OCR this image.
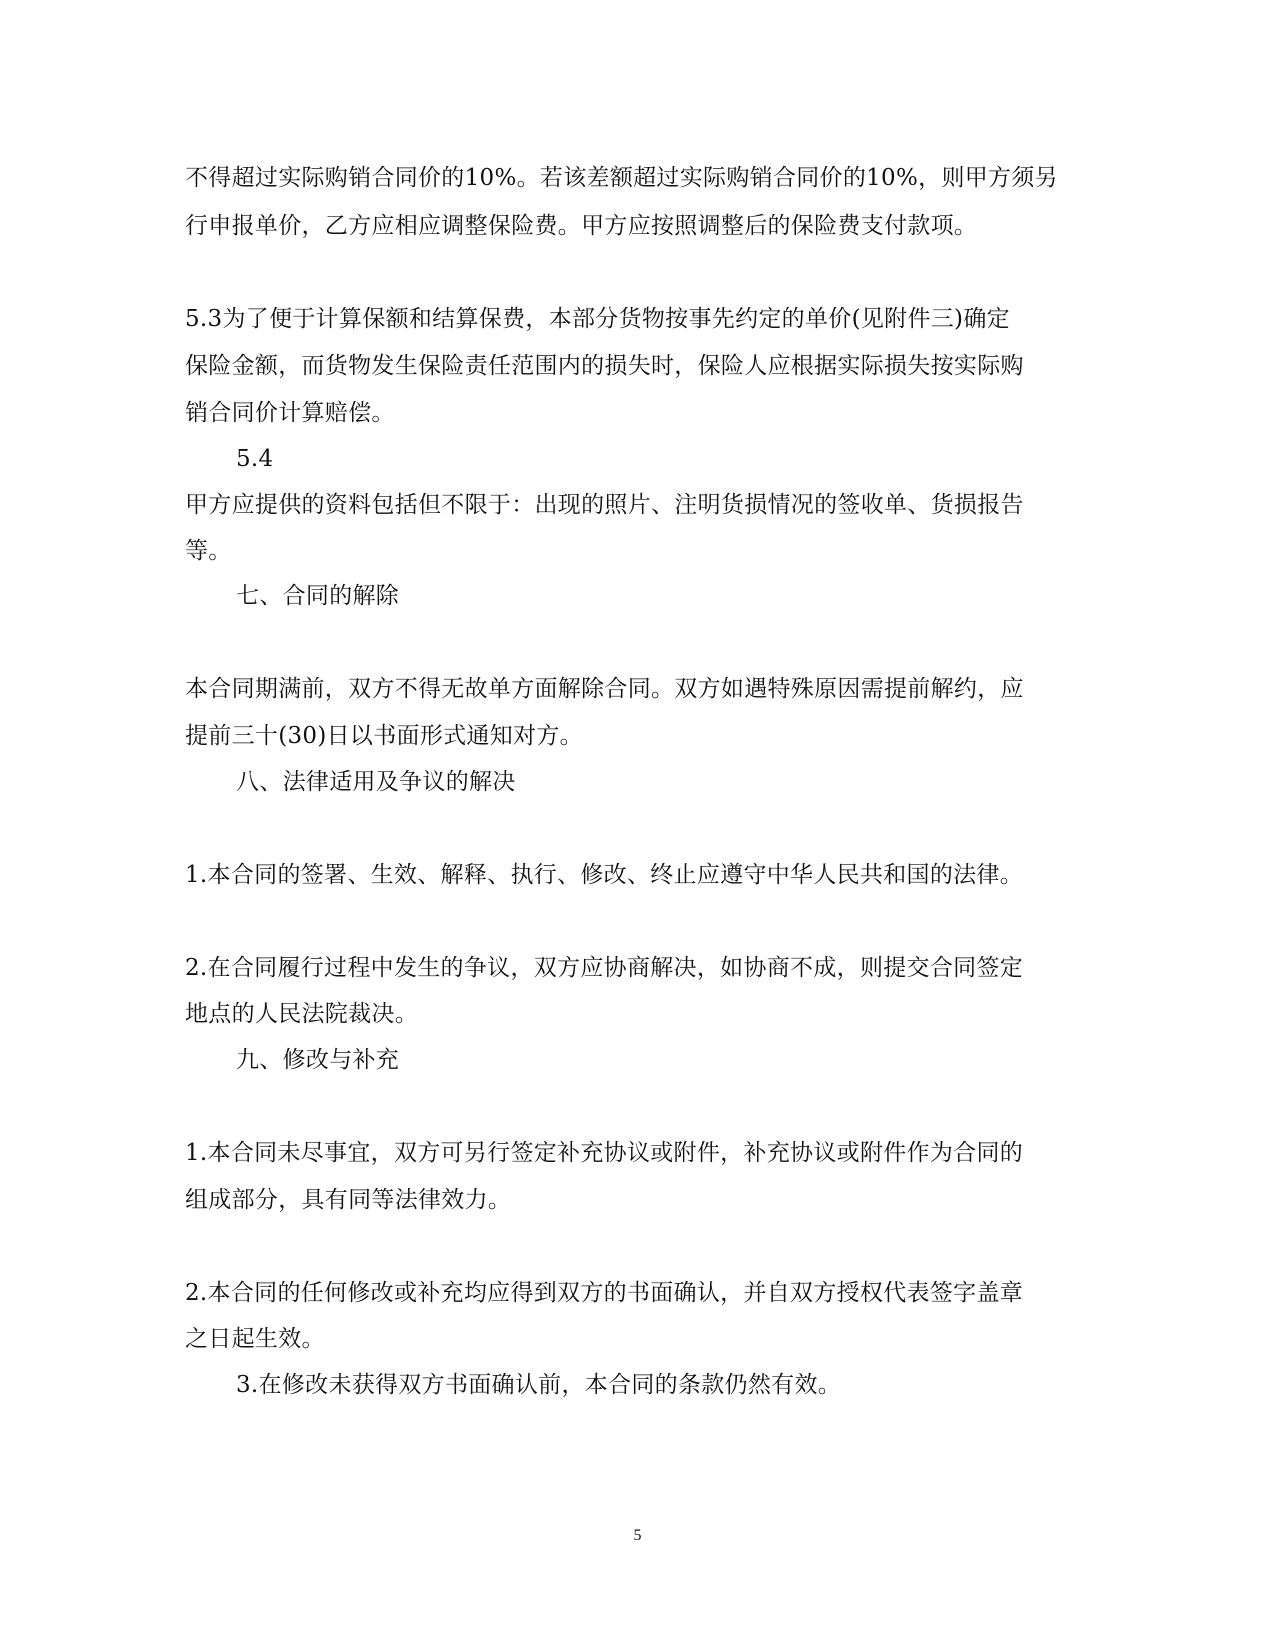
不得超过实际购销合同价的10%。若该差额超过实际购销合同价的10%，则甲方须另
行申报单价，乙方应相应调整保险费。甲方应按照调整后的保险费支付款项。
5.3为了便于计算保额和结算保费，本部分货物按事先约定的单价(见附件三)确定
保险金额，而货物发生保险责任范围内的损失时，保险人应根据实际损失按实际购
销合同价计算赔偿。
5.4
甲方应提供的资料包括但不限于：出现的照片、注明货损情况的签收单、货损报告
等。
七、合同的解除
本合同期满前，双方不得无故单方面解除合同。双方如遇特殊原因需提前解约，应
提前三十(30)日以书面形式通知对方。
八、法律适用及争议的解决
1.本合同的签署、生效、解释、执行、修改、终止应遵守中华人民共和国的法律。
2.在合同履行过程中发生的争议，双方应协商解决，如协商不成，则提交合同签定
地点的人民法院裁决。
九、修改与补充
1.本合同未尽事宜，双方可另行签定补充协议或附件，补充协议或附件作为合同的
组成部分，具有同等法律效力。
2.本合同的任何修改或补充均应得到双方的书面确认，并自双方授权代表签字盖章
之日起生效。
3.在修改未获得双方书面确认前，本合同的条款仍然有效。
5
